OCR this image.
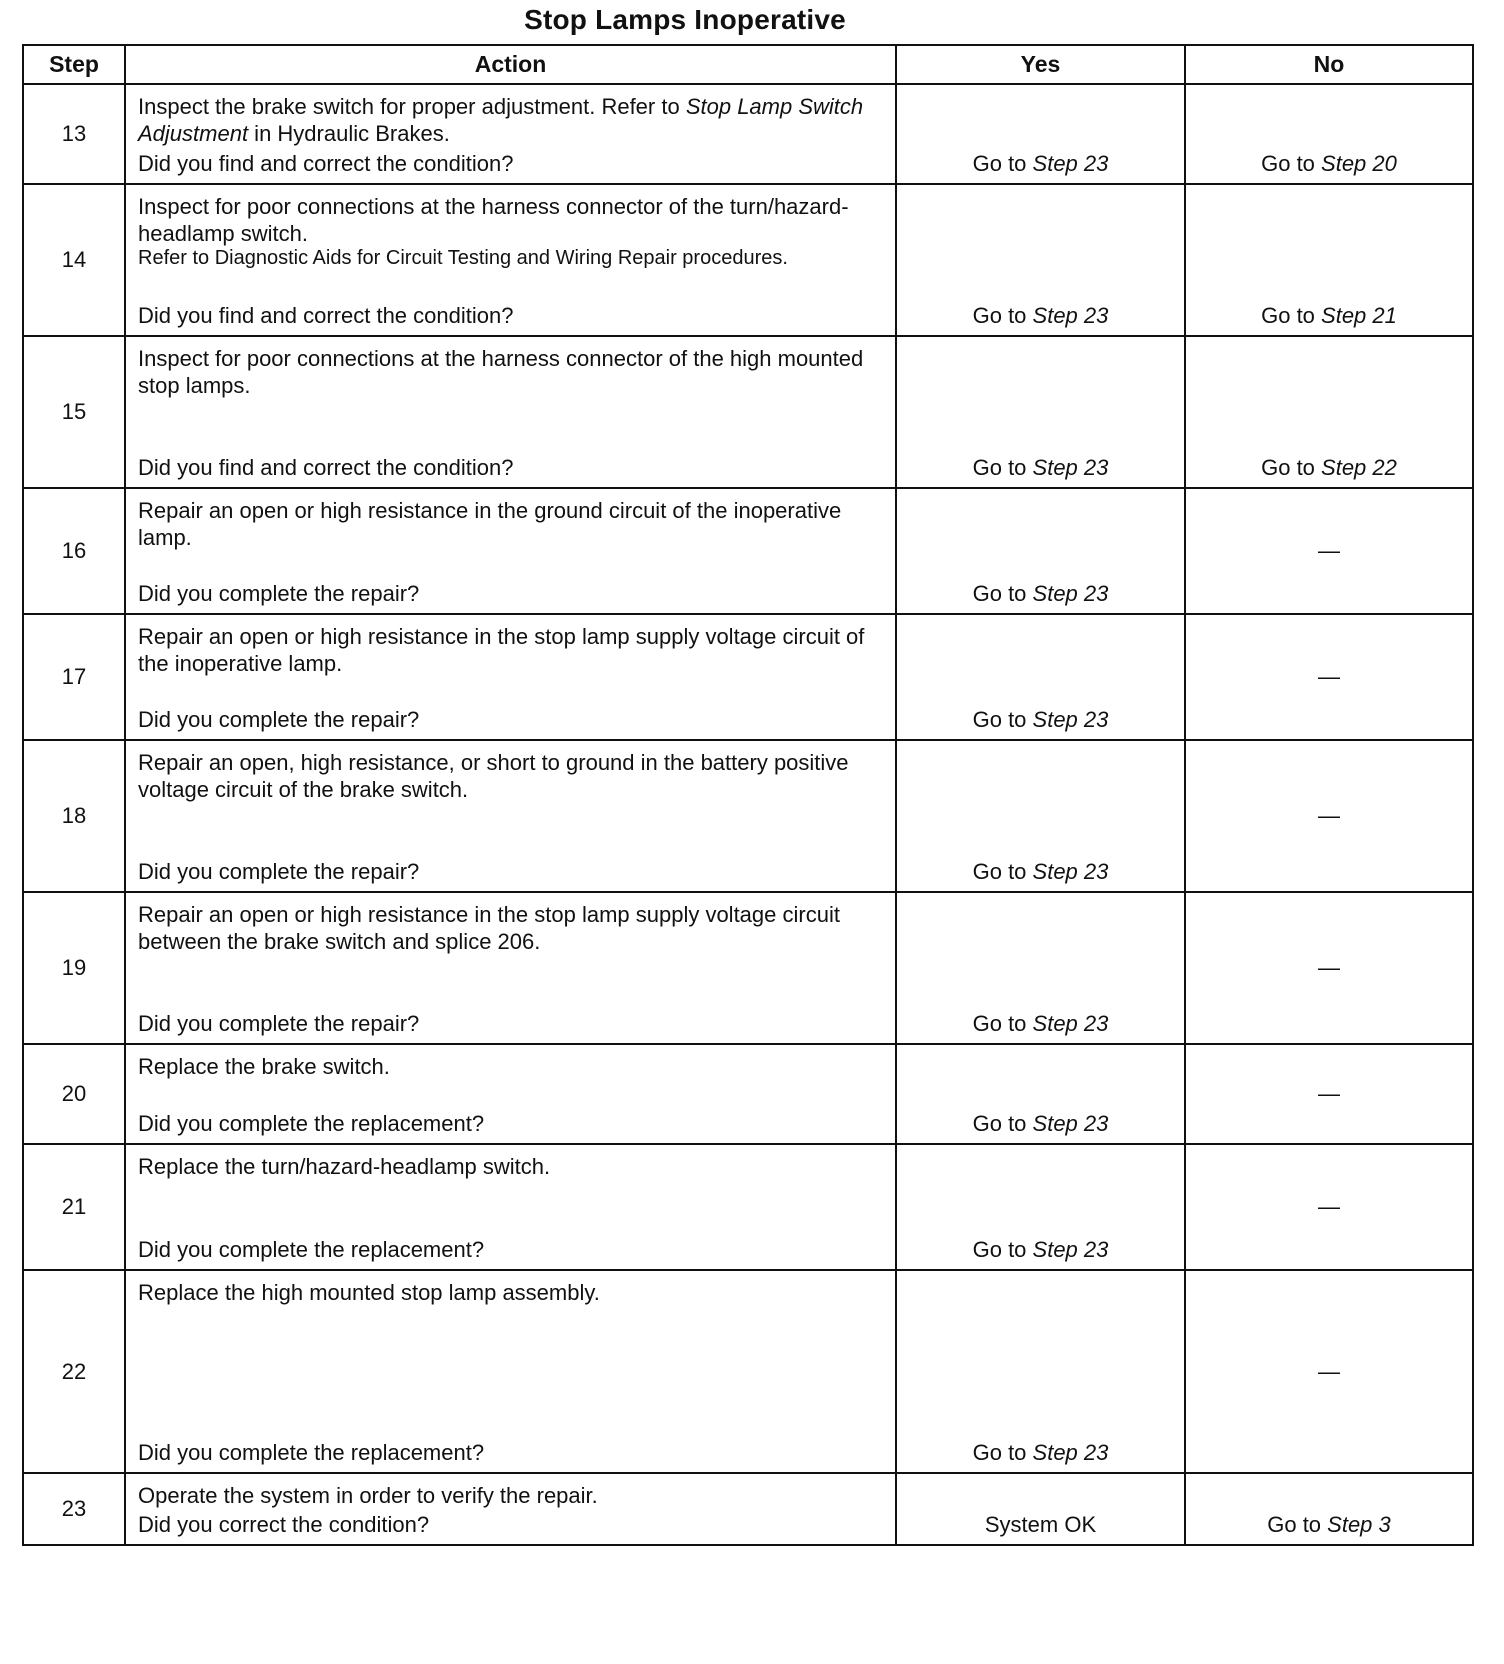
Stop Lamps Inoperative
Step	Action	Yes	No
13	Inspect the brake switch for proper adjustment. Refer to Stop Lamp Switch Adjustment in Hydraulic Brakes.
Did you find and correct the condition?	Go to Step 23	Go to Step 20

14	Inspect for poor connections at the harness connector of the turn/hazard-headlamp switch.
Refer to Diagnostic Aids for Circuit Testing and Wiring Repair procedures.
Did you find and correct the condition?	Go to Step 23	Go to Step 21

15	Inspect for poor connections at the harness connector of the high mounted stop lamps.
Did you find and correct the condition?	Go to Step 23	Go to Step 22

16	Repair an open or high resistance in the ground circuit of the inoperative lamp.
Did you complete the repair?	Go to Step 23	—

17	Repair an open or high resistance in the stop lamp supply voltage circuit of the inoperative lamp.
Did you complete the repair?	Go to Step 23	—

18	Repair an open, high resistance, or short to ground in the battery positive voltage circuit of the brake switch.
Did you complete the repair?	Go to Step 23	—

19	Repair an open or high resistance in the stop lamp supply voltage circuit between the brake switch and splice 206.
Did you complete the repair?	Go to Step 23	—

20	Replace the brake switch.
Did you complete the replacement?	Go to Step 23	—

21	Replace the turn/hazard-headlamp switch.
Did you complete the replacement?	Go to Step 23	—

22	Replace the high mounted stop lamp assembly.
Did you complete the replacement?	Go to Step 23	—

23	Operate the system in order to verify the repair.
Did you correct the condition?	System OK	Go to Step 3
